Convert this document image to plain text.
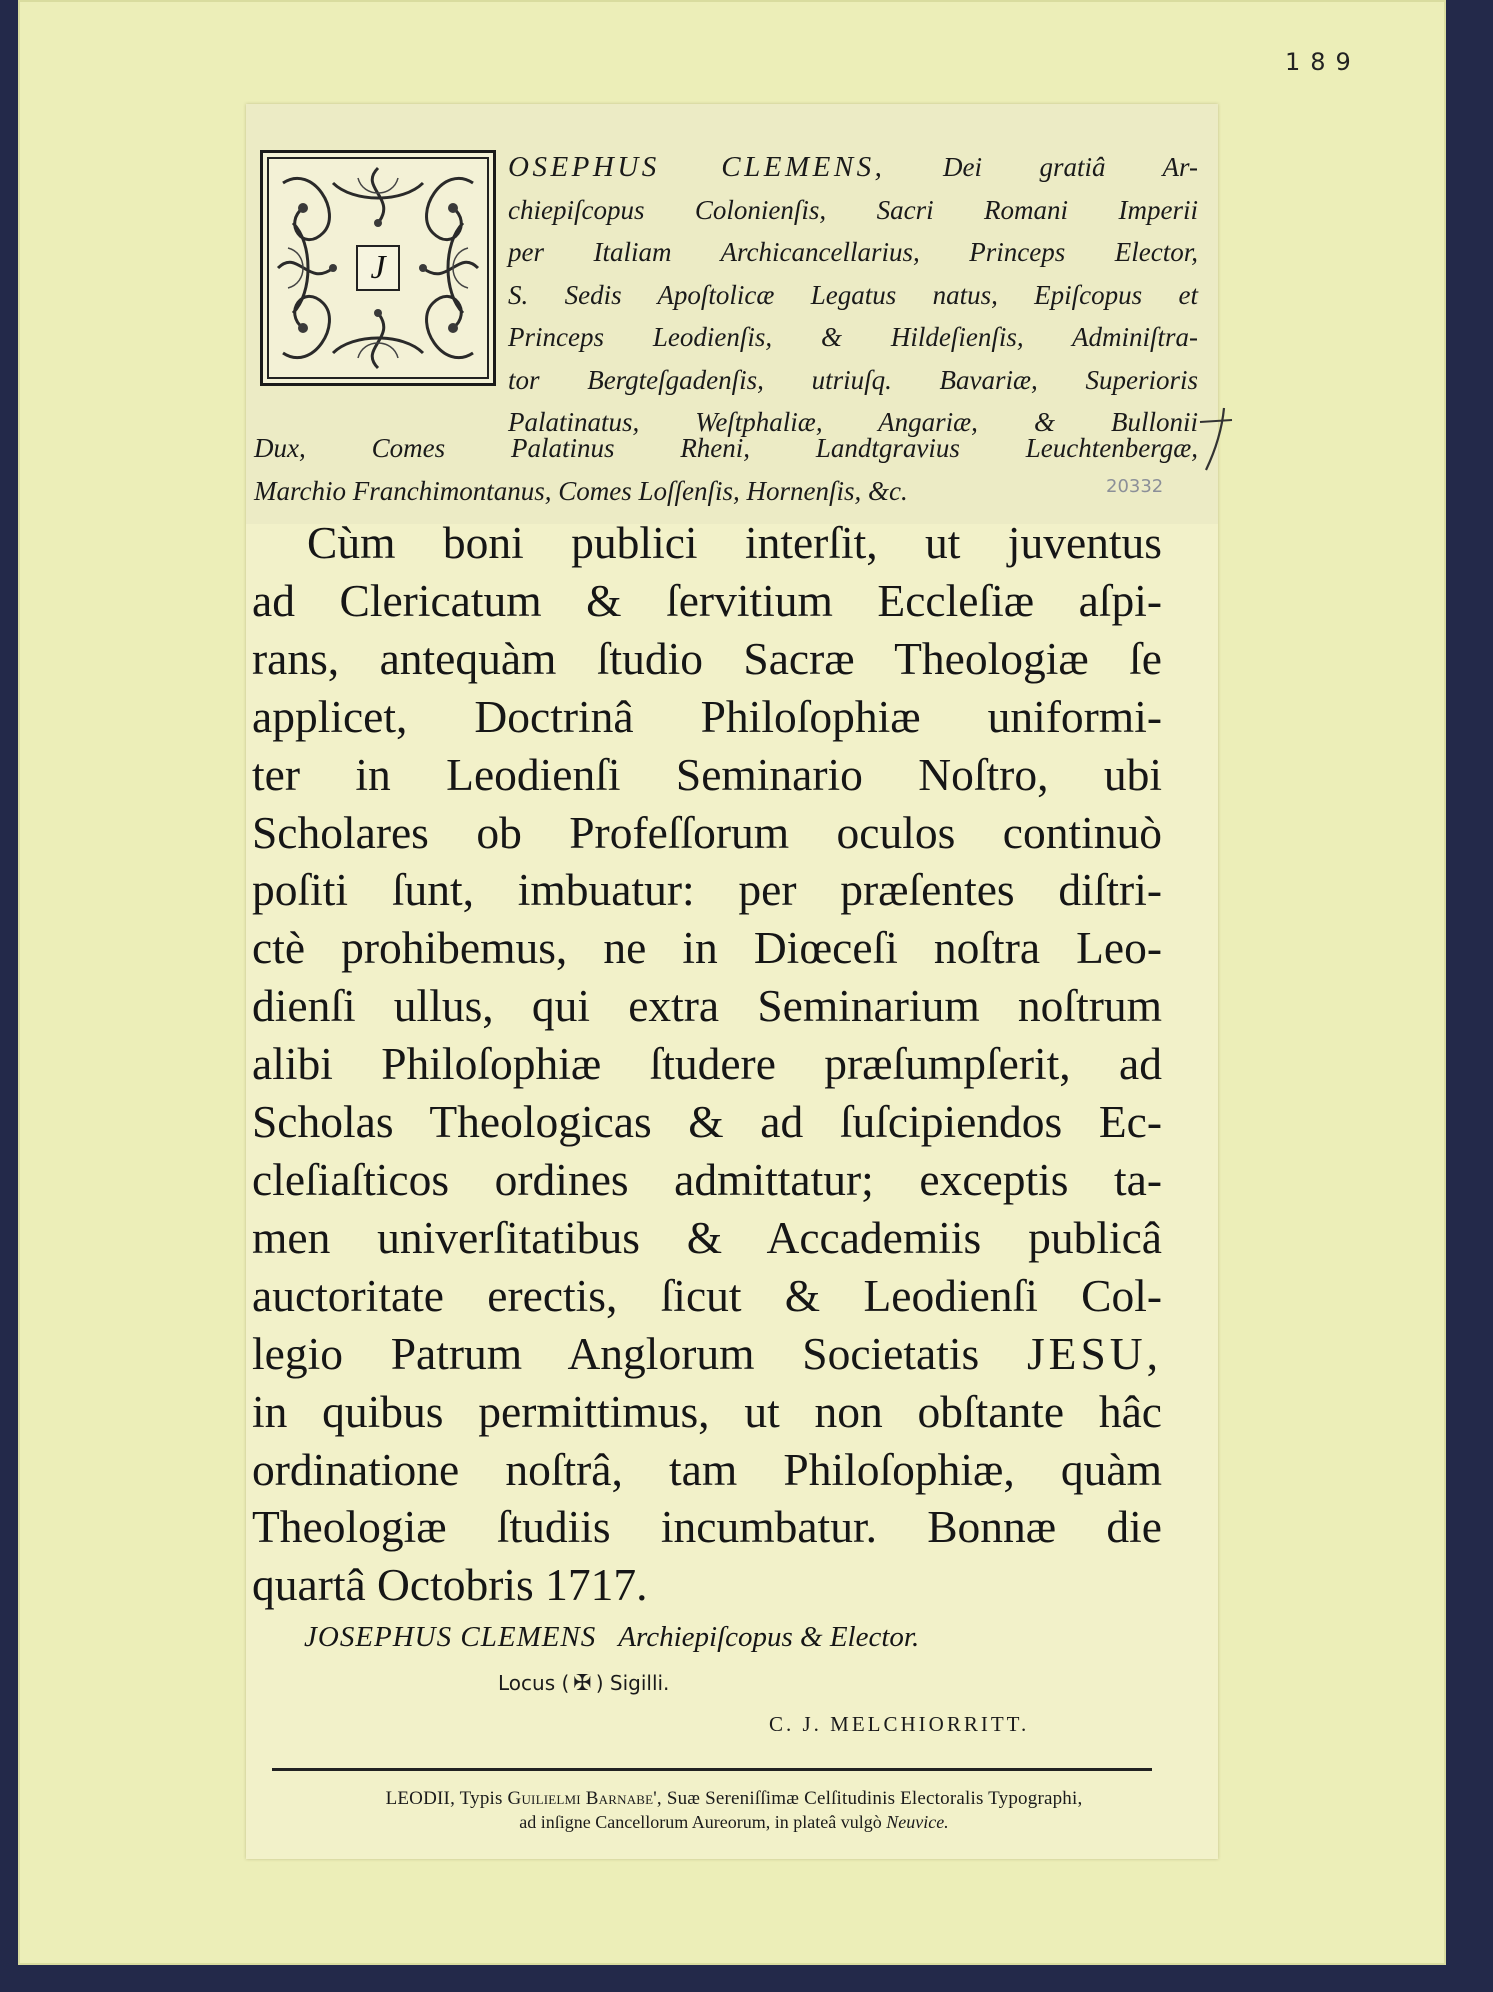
189
J
OSEPHUS CLEMENS, Dei gratiâ Ar-
chiepiſcopus Colonienſis, Sacri Romani Imperii
per Italiam Archicancellarius, Princeps Elector,
S. Sedis Apoſtolicæ Legatus natus, Epiſcopus et
Princeps Leodienſis, & Hildeſienſis, Adminiſtra-
tor Bergteſgadenſis, utriuſq. Bavariæ, Superioris
Palatinatus, Weſtphaliæ, Angariæ, & Bullonii
Dux, Comes Palatinus Rheni, Landtgravius Leuchtenbergæ,
Marchio Franchimontanus, Comes Loſſenſis, Hornenſis, &c.	20332
Cùm boni publici interſit, ut juventus
ad Clericatum & ſervitium Eccleſiæ aſpi-
rans, antequàm ſtudio Sacræ Theologiæ ſe
applicet, Doctrinâ Philoſophiæ uniformi-
ter in Leodienſi Seminario Noſtro, ubi
Scholares ob Profeſſorum oculos continuò
poſiti ſunt, imbuatur: per præſentes diſtri-
ctè prohibemus, ne in Diœceſi noſtra Leo-
dienſi ullus, qui extra Seminarium noſtrum
alibi Philoſophiæ ſtudere præſumpſerit, ad
Scholas Theologicas & ad ſuſcipiendos Ec-
cleſiaſticos ordines admittatur; exceptis ta-
men univerſitatibus & Accademiis publicâ
auctoritate erectis, ſicut & Leodienſi Col-
legio Patrum Anglorum Societatis JESU,
in quibus permittimus, ut non obſtante hâc
ordinatione noſtrâ, tam Philoſophiæ, quàm
Theologiæ ſtudiis incumbatur. Bonnæ die
quartâ Octobris 1717.
JOSEPHUS CLEMENS Archiepiſcopus & Elector.
Locus ( ✠ ) Sigilli.
C. J. MELCHIORRITT.
LEODII, Typis Guilielmi Barnabe', Suæ Sereniſſimæ Celſitudinis Electoralis Typographi,
ad inſigne Cancellorum Aureorum, in plateâ vulgò Neuvice.
